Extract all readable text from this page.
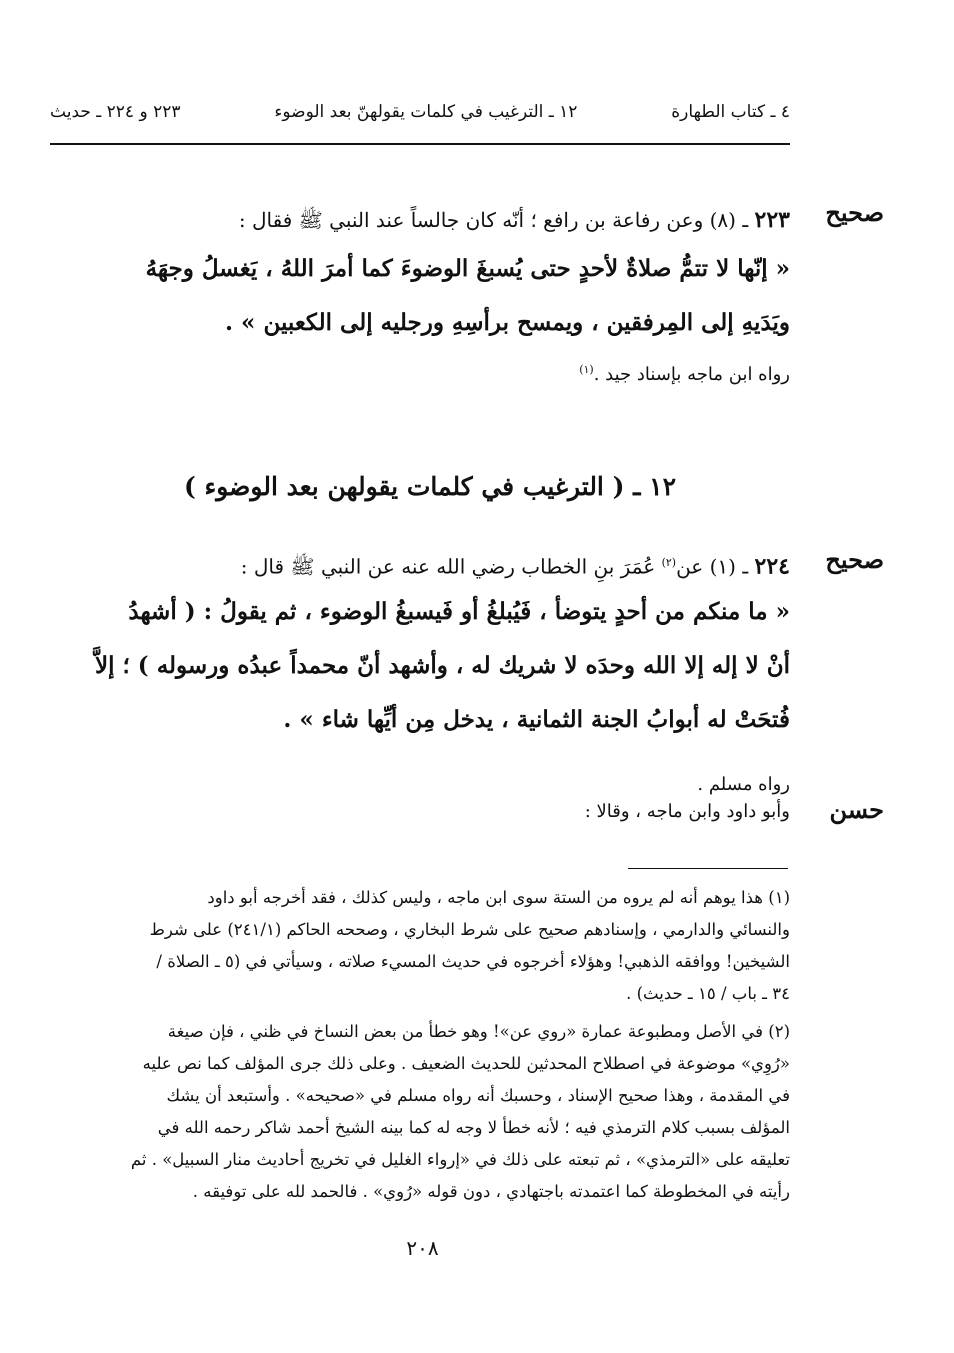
٤ ـ كتاب الطهارة
١٢ ـ الترغيب في كلمات يقولهنّ بعد الوضوء
٢٢٣ و ٢٢٤ ـ حديث
صحيح
٢٢٣ ـ (٨) وعن رفاعة بن رافع ؛ أنّه كان جالساً عند النبي ﷺ فقال :
« إنّها لا تتمُّ صلاةٌ لأحدٍ حتى يُسبغَ الوضوءَ كما أمرَ اللهُ ، يَغسلُ وجهَهُ
ويَدَيهِ إلى المِرفقين ، ويمسح برأسِهِ ورجليه إلى الكعبين » .
رواه ابن ماجه بإسناد جيد .$^{(١)}$
١٢ ـ ( الترغيب في كلمات يقولهن بعد الوضوء )
صحيح
٢٢٤ ـ (١) عن$^{(٢)}$ عُمَرَ بنِ الخطاب رضي الله عنه عن النبي ﷺ قال :
« ما منكم من أحدٍ يتوضأ ، فَيُبلغُ أو فَيسبغُ الوضوء ، ثم يقولُ : ( أشهدُ
أنْ لا إله إلا الله وحدَه لا شريك له ، وأشهد أنّ محمداً عبدُه ورسوله ) ؛ إلاَّ
فُتحَتْ له أبوابُ الجنة الثمانية ، يدخل مِن أيِّها شاء » .
رواه مسلم .
حسن
وأبو داود وابن ماجه ، وقالا :
(١) هذا يوهم أنه لم يروه من الستة سوى ابن ماجه ، وليس كذلك ، فقد أخرجه أبو داود
والنسائي والدارمي ، وإسنادهم صحيح على شرط البخاري ، وصححه الحاكم (٢٤١/١) على شرط
الشيخين! ووافقه الذهبي! وهؤلاء أخرجوه في حديث المسيء صلاته ، وسيأتي في (٥ ـ الصلاة /
٣٤ ـ باب / ١٥ ـ حديث) .
(٢) في الأصل ومطبوعة عمارة «روي عن»! وهو خطأ من بعض النساخ في ظني ، فإن صيغة
«رُوِي» موضوعة في اصطلاح المحدثين للحديث الضعيف . وعلى ذلك جرى المؤلف كما نص عليه
في المقدمة ، وهذا صحيح الإسناد ، وحسبك أنه رواه مسلم في «صحيحه» . وأستبعد أن يشك
المؤلف بسبب كلام الترمذي فيه ؛ لأنه خطأ لا وجه له كما بينه الشيخ أحمد شاكر رحمه الله في
تعليقه على «الترمذي» ، ثم تبعته على ذلك في «إرواء الغليل في تخريج أحاديث منار السبيل» . ثم
رأيته في المخطوطة كما اعتمدته باجتهادي ، دون قوله «رُوي» . فالحمد لله على توفيقه .
٢٠٨
